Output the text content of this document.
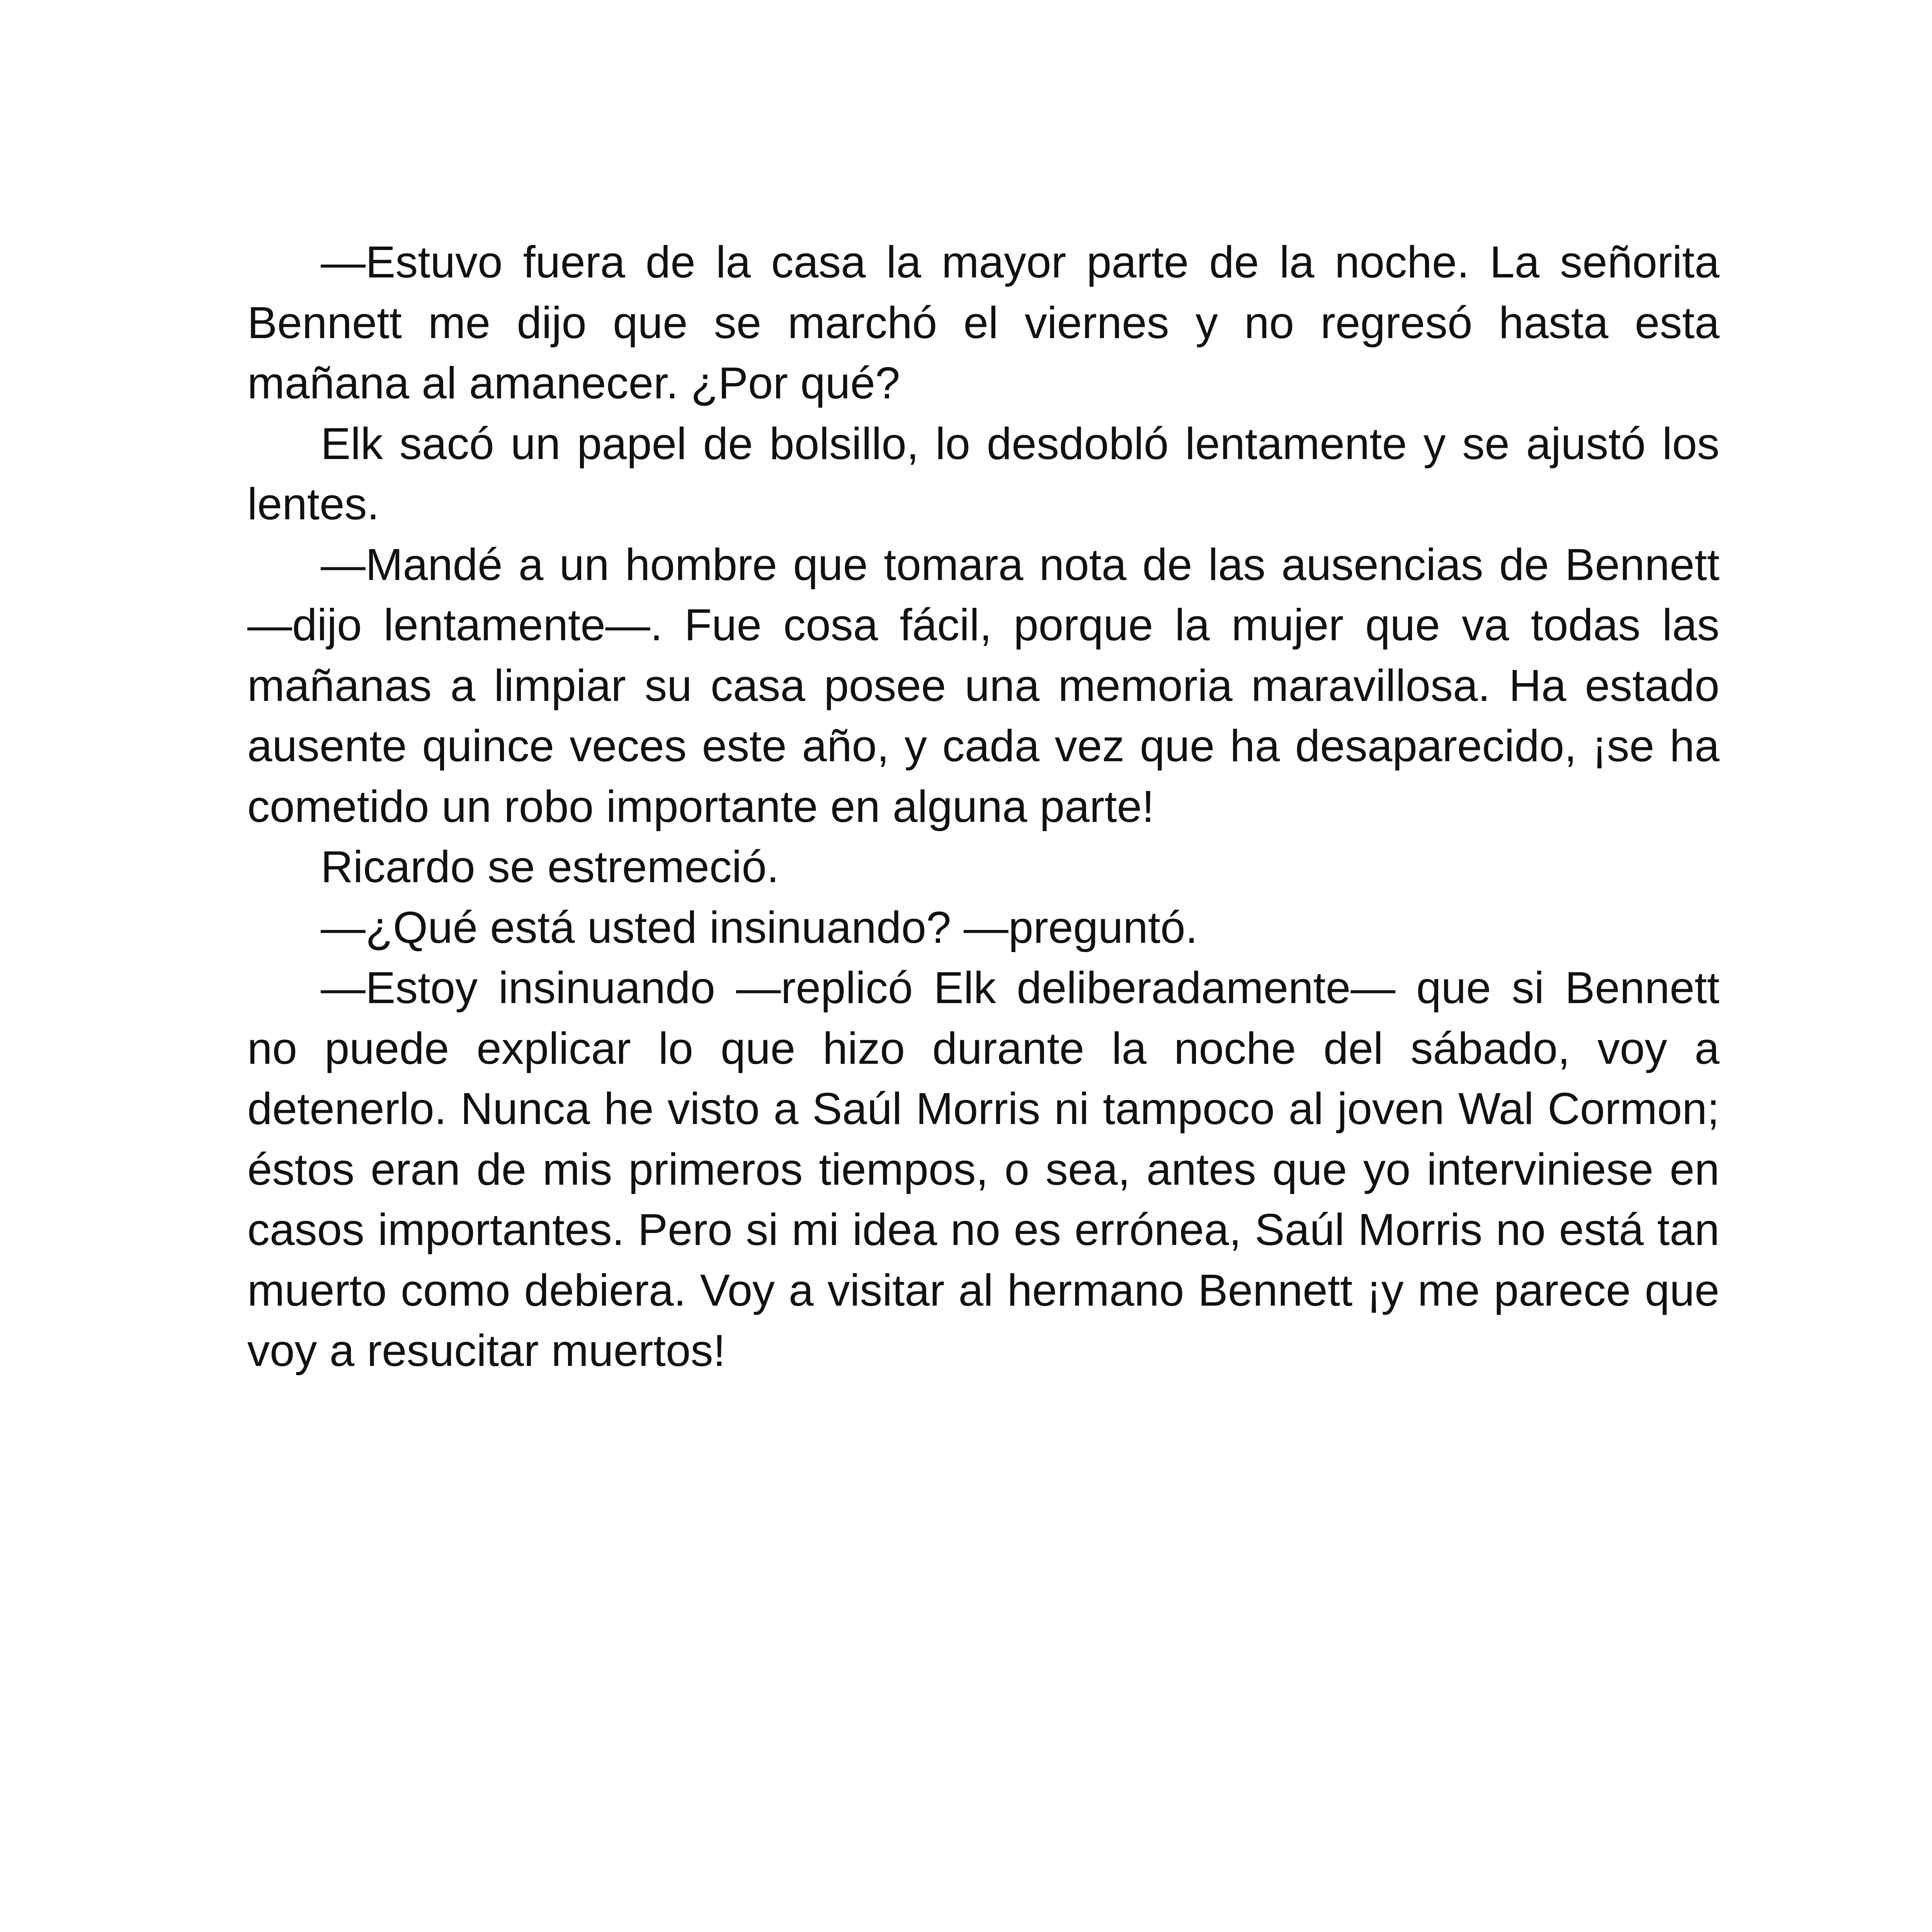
—Estuvo fuera de la casa la mayor parte de la noche. La señorita Bennett me dijo que se marchó el viernes y no regresó hasta esta mañana al amanecer. ¿Por qué?

Elk sacó un papel de bolsillo, lo desdobló lentamente y se ajustó los lentes.

—Mandé a un hombre que tomara nota de las ausencias de Bennett —dijo lentamente—. Fue cosa fácil, porque la mujer que va todas las mañanas a limpiar su casa posee una memoria maravillosa. Ha estado ausente quince veces este año, y cada vez que ha desaparecido, ¡se ha cometido un robo importante en alguna parte!

Ricardo se estremeció.

—¿Qué está usted insinuando? —preguntó.

—Estoy insinuando —replicó Elk deliberadamente— que si Bennett no puede explicar lo que hizo durante la noche del sábado, voy a detenerlo. Nunca he visto a Saúl Morris ni tampoco al joven Wal Cormon; éstos eran de mis primeros tiempos, o sea, antes que yo interviniese en casos importantes. Pero si mi idea no es errónea, Saúl Morris no está tan muerto como debiera. Voy a visitar al hermano Bennett ¡y me parece que voy a resucitar muertos!
